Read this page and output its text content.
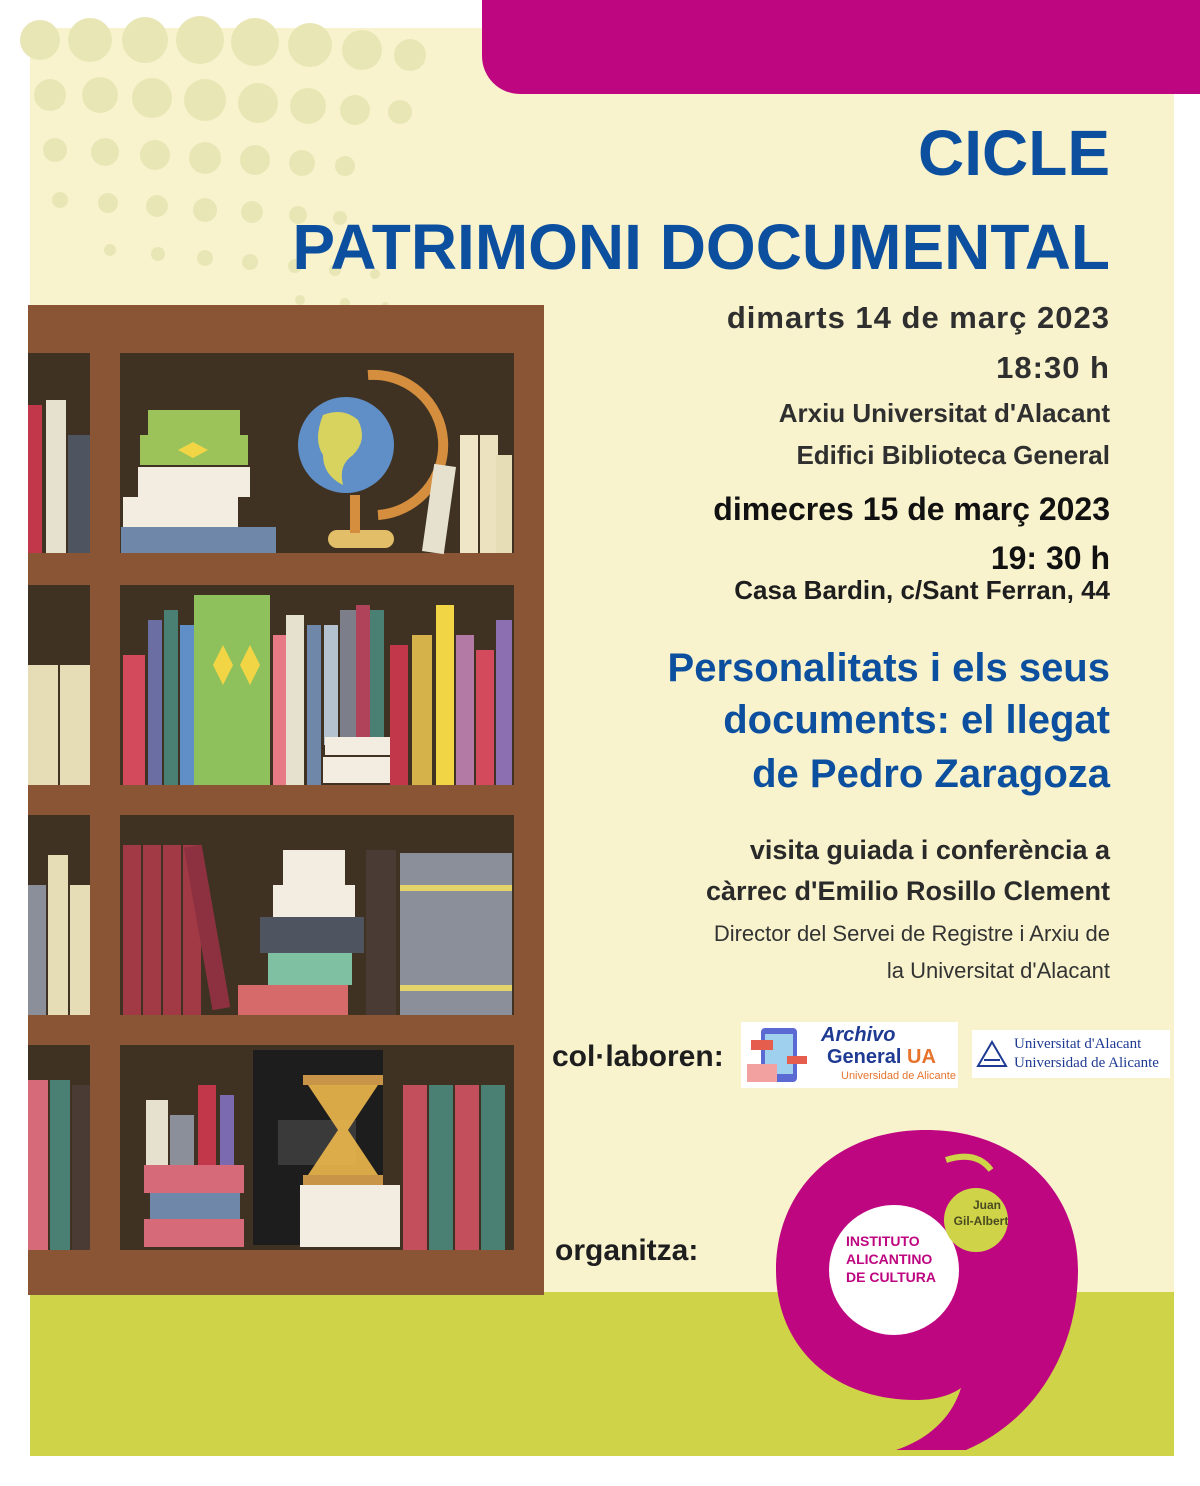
CICLE
PATRIMONI DOCUMENTAL
dimarts 14 de març 2023
18:30 h
Arxiu Universitat d'Alacant
Edifici Biblioteca General
dimecres 15 de març 2023
19: 30 h
Casa Bardin, c/Sant Ferran, 44
Personalitats i els seus
documents: el llegat
de Pedro Zaragoza
visita guiada i conferència a
càrrec d'Emilio Rosillo Clement
Director del Servei de Registre i Arxiu de
la Universitat d'Alacant
col·laboren:
Archivo
General UA
Universidad de Alicante
Universitat d'Alacant
Universidad de Alicante
organitza:	INSTITUTO
ALICANTINO
DE CULTURA
Juan
Gil-Albert
